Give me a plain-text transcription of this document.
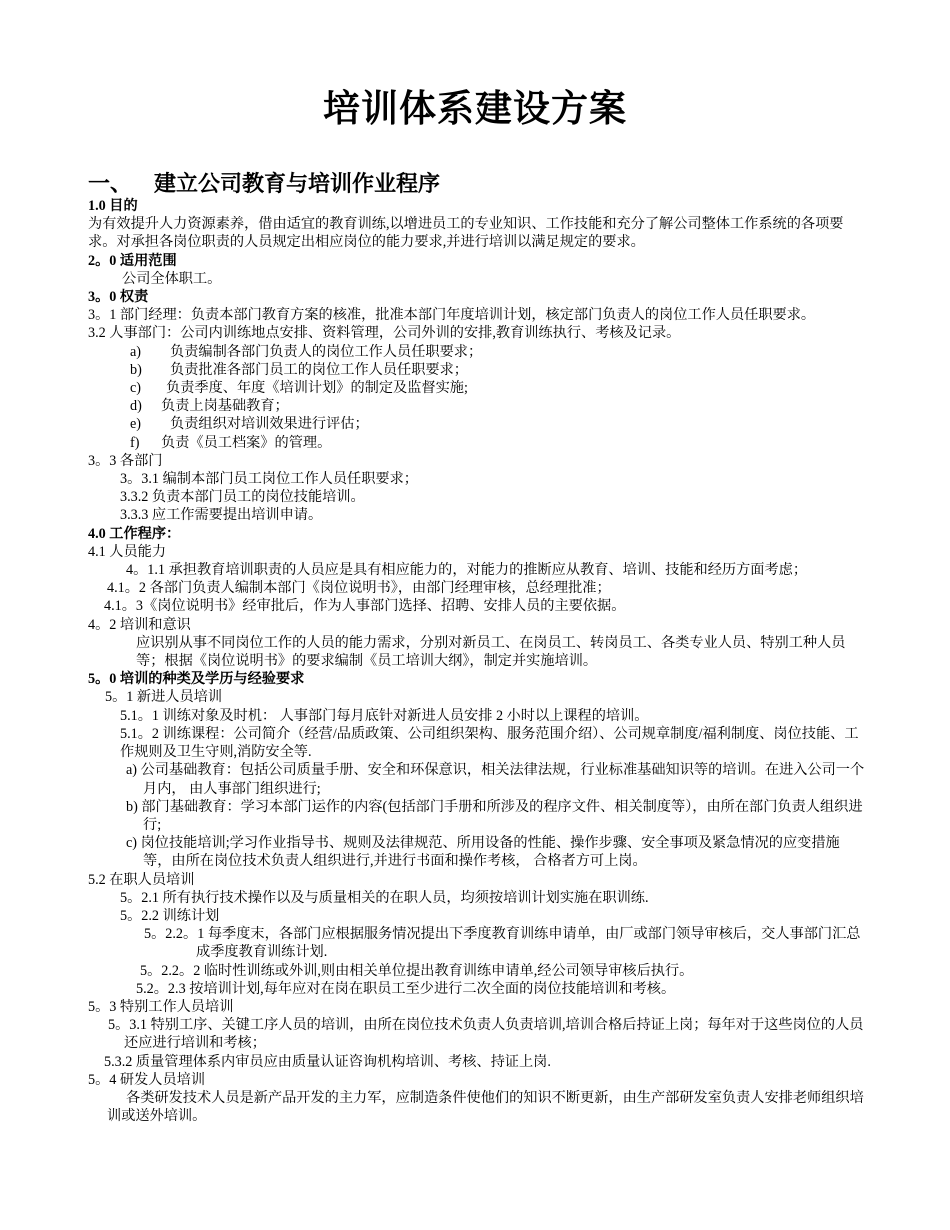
培训体系建设方案
一、 建立公司教育与培训作业程序
1.0 目的
为有效提升人力资源素养，借由适宜的教育训练,以增进员工的专业知识、工作技能和充分了解公司整体工作系统的各项要求。对承担各岗位职责的人员规定出相应岗位的能力要求,并进行培训以满足规定的要求。
2。0 适用范围
公司全体职工。
3。0 权责
3。1 部门经理：负责本部门教育方案的核准，批准本部门年度培训计划，核定部门负责人的岗位工作人员任职要求。
3.2 人事部门：公司内训练地点安排、资料管理，公司外训的安排,教育训练执行、考核及记录。
a) 负责编制各部门负责人的岗位工作人员任职要求；
b) 负责批准各部门员工的岗位工作人员任职要求；
c) 负责季度、年度《培训计划》的制定及监督实施;
d) 负责上岗基础教育；
e) 负责组织对培训效果进行评估；
f) 负责《员工档案》的管理。
3。3 各部门
3。3.1 编制本部门员工岗位工作人员任职要求；
3.3.2 负责本部门员工的岗位技能培训。
3.3.3 应工作需要提出培训申请。
4.0 工作程序：
4.1 人员能力
4。1.1 承担教育培训职责的人员应是具有相应能力的，对能力的推断应从教育、培训、技能和经历方面考虑；
4.1。2 各部门负责人编制本部门《岗位说明书》，由部门经理审核，总经理批准；
4.1。3《岗位说明书》经审批后，作为人事部门选择、招聘、安排人员的主要依据。
4。2 培训和意识
应识别从事不同岗位工作的人员的能力需求，分别对新员工、在岗员工、转岗员工、各类专业人员、特别工种人员等；根据《岗位说明书》的要求编制《员工培训大纲》，制定并实施培训。
5。0 培训的种类及学历与经验要求
5。1 新进人员培训
5.1。1 训练对象及时机： 人事部门每月底针对新进人员安排 2 小时以上课程的培训。
5.1。2 训练课程：公司简介（经营/品质政策、公司组织架构、服务范围介绍）、公司规章制度/福利制度、岗位技能、工作规则及卫生守则,消防安全等.
a) 公司基础教育：包括公司质量手册、安全和环保意识，相关法律法规，行业标准基础知识等的培训。在进入公司一个月内， 由人事部门组织进行;
b) 部门基础教育：学习本部门运作的内容(包括部门手册和所涉及的程序文件、相关制度等），由所在部门负责人组织进行;
c) 岗位技能培训;学习作业指导书、规则及法律规范、所用设备的性能、操作步骤、安全事项及紧急情况的应变措施等，由所在岗位技术负责人组织进行,并进行书面和操作考核， 合格者方可上岗。
5.2 在职人员培训
5。2.1 所有执行技术操作以及与质量相关的在职人员，均须按培训计划实施在职训练.
5。2.2 训练计划
5。2.2。1 每季度末，各部门应根据服务情况提出下季度教育训练申请单，由厂或部门领导审核后，交人事部门汇总成季度教育训练计划.
5。2.2。2 临时性训练或外训,则由相关单位提出教育训练申请单,经公司领导审核后执行。
5.2。2.3 按培训计划,每年应对在岗在职员工至少进行二次全面的岗位技能培训和考核。
5。3 特别工作人员培训
5。3.1 特别工序、关键工序人员的培训，由所在岗位技术负责人负责培训,培训合格后持证上岗；每年对于这些岗位的人员还应进行培训和考核；
5.3.2 质量管理体系内审员应由质量认证咨询机构培训、考核、持证上岗.
5。4 研发人员培训
各类研发技术人员是新产品开发的主力军，应制造条件使他们的知识不断更新，由生产部研发室负责人安排老师组织培训或送外培训。
